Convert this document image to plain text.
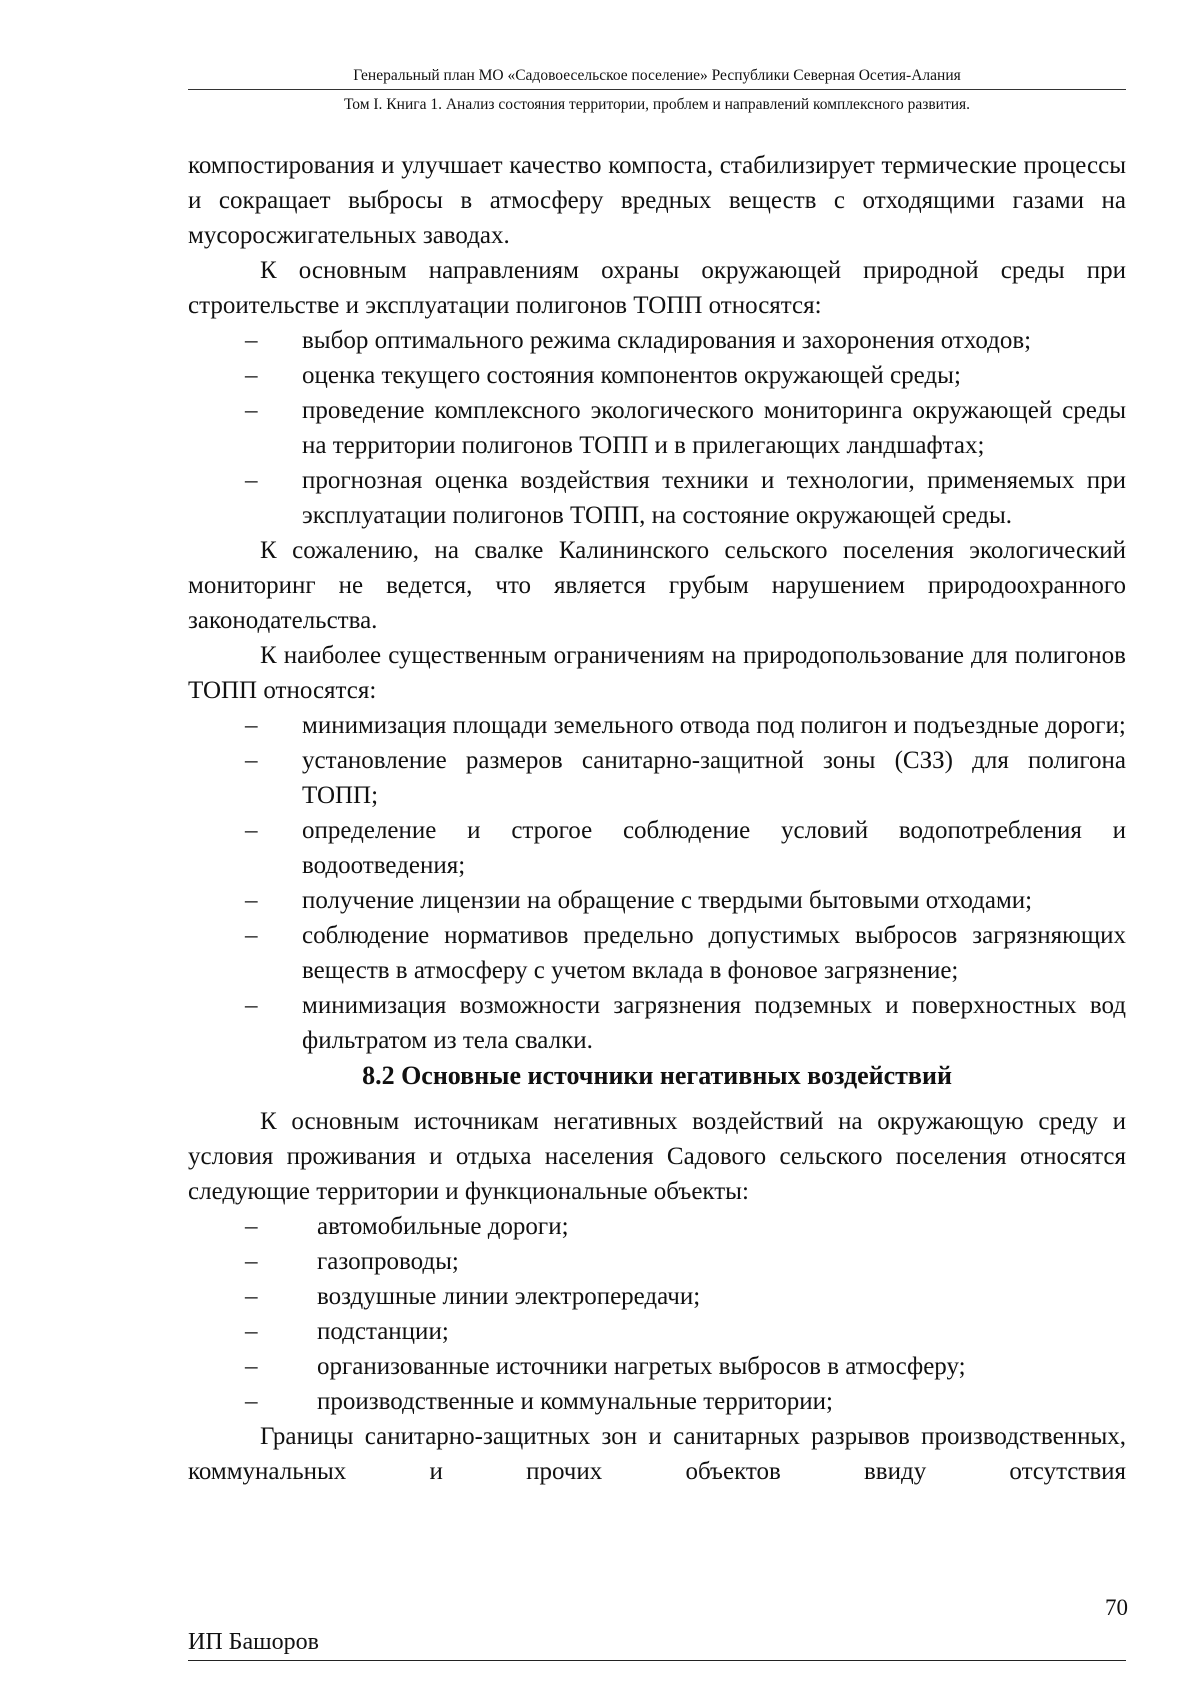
Генеральный план МО «Садовоесельское поселение» Республики Северная Осетия-Алания
Том I. Книга 1. Анализ состояния территории, проблем и направлений комплексного развития.

компостирования и улучшает качество компоста, стабилизирует термические процессы и сокращает выбросы в атмосферу вредных веществ с отходящими газами на мусоросжигательных заводах.

К основным направлениям охраны окружающей природной среды при строительстве и эксплуатации полигонов ТОПП относятся:

– выбор оптимального режима складирования и захоронения отходов;
– оценка текущего состояния компонентов окружающей среды;
– проведение комплексного экологического мониторинга окружающей среды на территории полигонов ТОПП и в прилегающих ландшафтах;
– прогнозная оценка воздействия техники и технологии, применяемых при эксплуатации полигонов ТОПП, на состояние окружающей среды.

К сожалению, на свалке Калининского сельского поселения экологический мониторинг не ведется, что является грубым нарушением природоохранного законодательства.

К наиболее существенным ограничениям на природопользование для полигонов ТОПП относятся:

– минимизация площади земельного отвода под полигон и подъездные дороги;
– установление размеров санитарно-защитной зоны (СЗЗ) для полигона ТОПП;
– определение и строгое соблюдение условий водопотребления и водоотведения;
– получение лицензии на обращение с твердыми бытовыми отходами;
– соблюдение нормативов предельно допустимых выбросов загрязняющих веществ в атмосферу с учетом вклада в фоновое загрязнение;
– минимизация возможности загрязнения подземных и поверхностных вод фильтратом из тела свалки.
8.2 Основные источники негативных воздействий

К основным источникам негативных воздействий на окружающую среду и условия проживания и отдыха населения Садового сельского поселения относятся следующие территории и функциональные объекты:

– автомобильные дороги;
– газопроводы;
– воздушные линии электропередачи;
– подстанции;
– организованные источники нагретых выбросов в атмосферу;
– производственные и коммунальные территории;

Границы санитарно-защитных зон и санитарных разрывов производственных, коммунальных и прочих объектов ввиду отсутствия

70
ИП Башоров
